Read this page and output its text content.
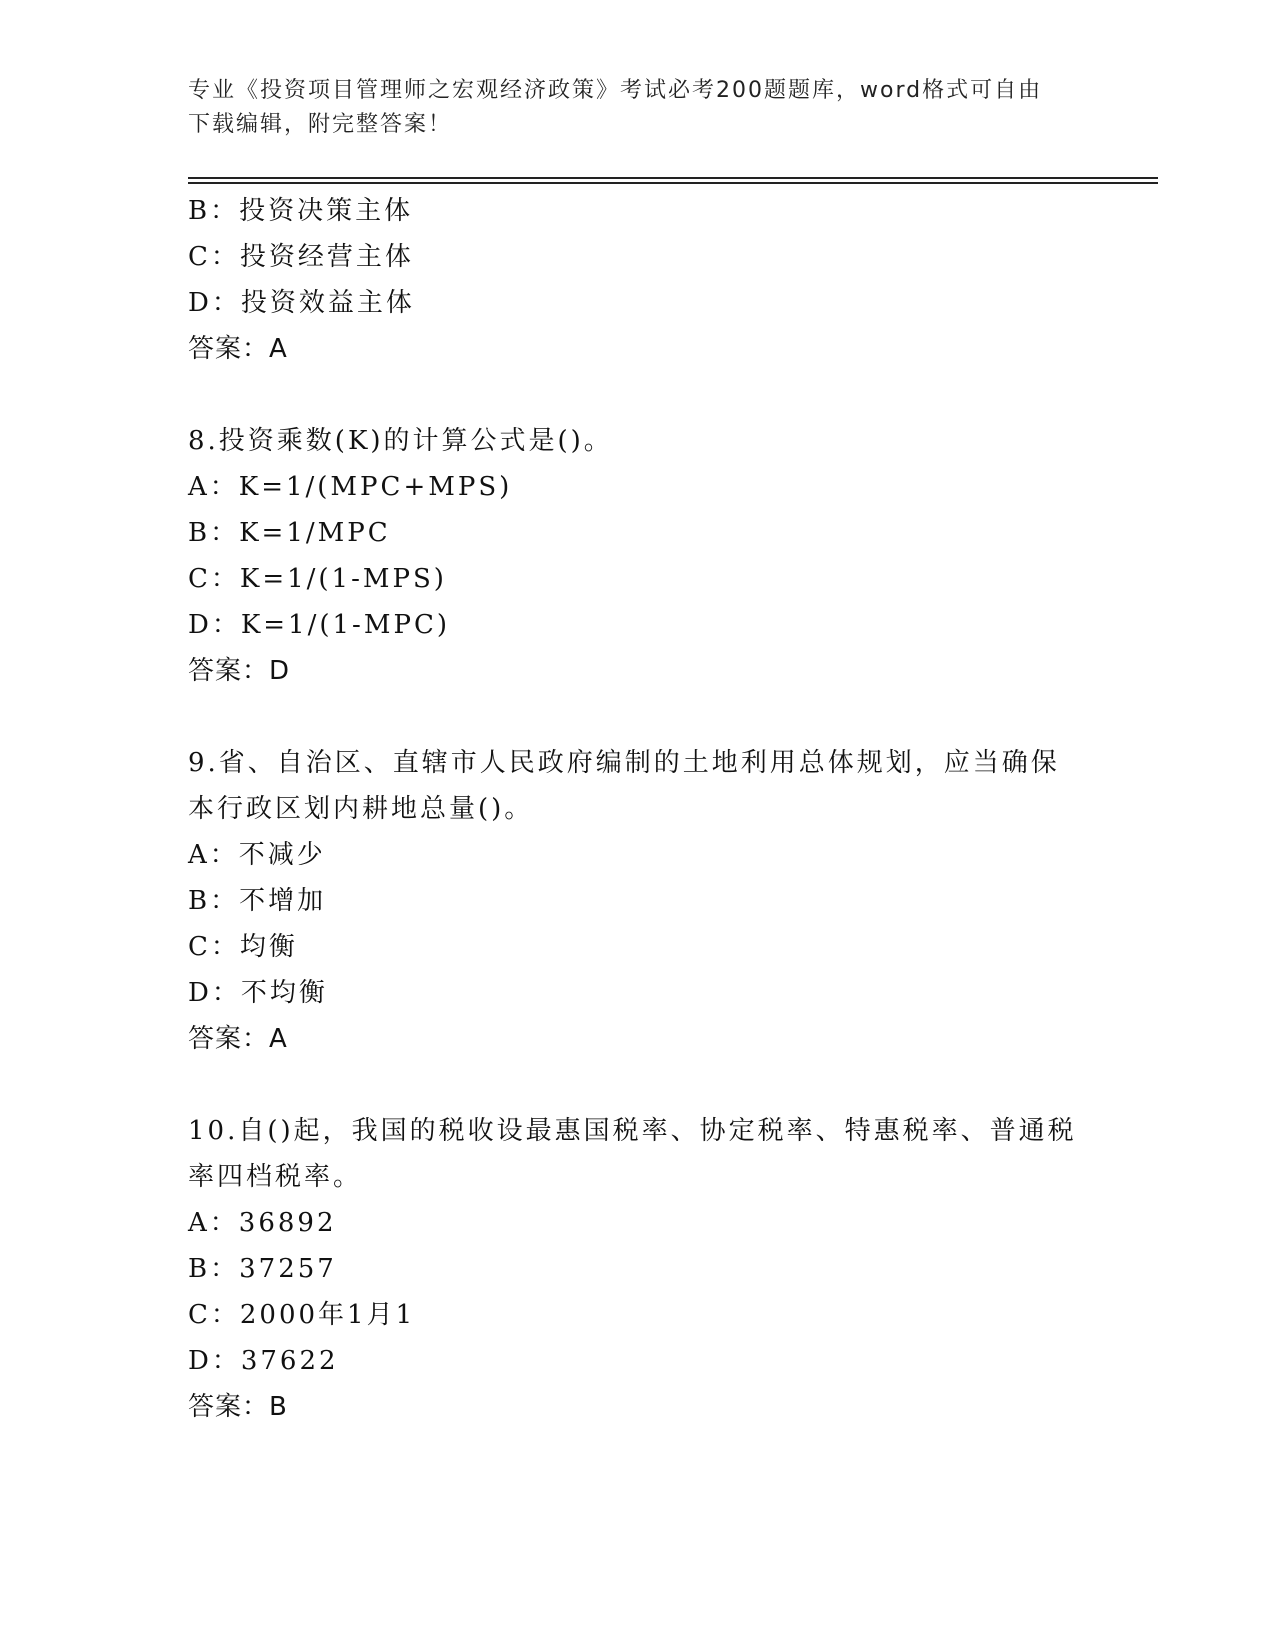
专业《投资项目管理师之宏观经济政策》考试必考200题题库，word格式可自由
下载编辑，附完整答案！
B：投资决策主体
C：投资经营主体
D：投资效益主体
答案：A
8.投资乘数(K)的计算公式是()。
A：K=1/(MPC+MPS)
B：K=1/MPC
C：K=1/(1-MPS)
D：K=1/(1-MPC)
答案：D
9.省、自治区、直辖市人民政府编制的土地利用总体规划，应当确保
本行政区划内耕地总量()。
A：不减少
B：不增加
C：均衡
D：不均衡
答案：A
10.自()起，我国的税收设最惠国税率、协定税率、特惠税率、普通税
率四档税率。
A：36892
B：37257
C：2000年1月1
D：37622
答案：B
